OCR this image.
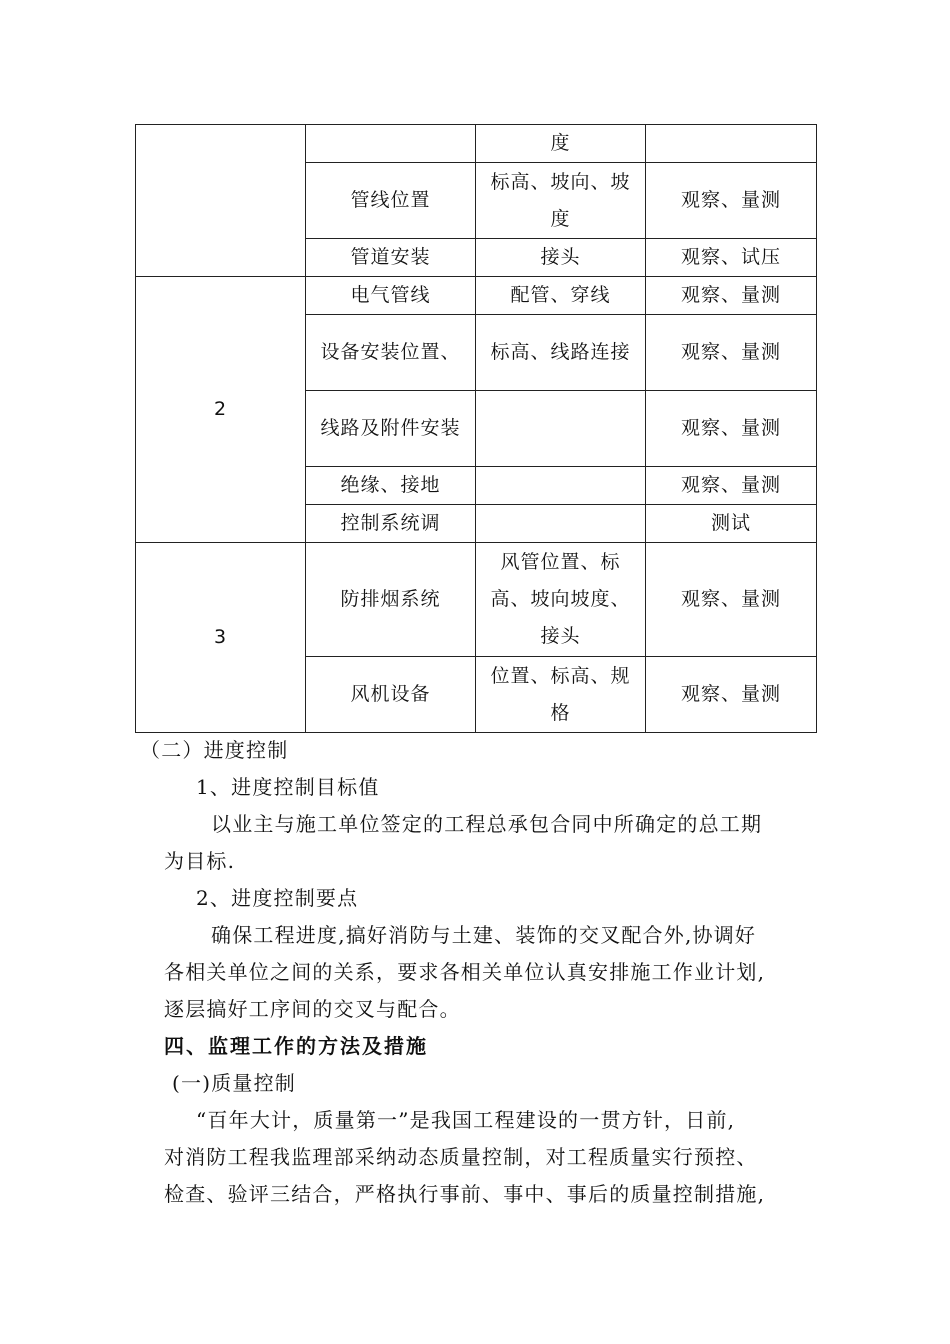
		度	
	管线位置	标高、坡向、坡度	观察、量测
	管道安装	接头	观察、试压
2	电气管线	配管、穿线	观察、量测
	设备安装位置、	标高、线路连接	观察、量测
	线路及附件安装		观察、量测
	绝缘、接地		观察、量测
	控制系统调		测试
3	防排烟系统	风管位置、标高、坡向坡度、接头	观察、量测
	风机设备	位置、标高、规格	观察、量测
（二）进度控制
1、进度控制目标值
以业主与施工单位签定的工程总承包合同中所确定的总工期
为目标.
2、进度控制要点
确保工程进度,搞好消防与土建、装饰的交叉配合外,协调好
各相关单位之间的关系，要求各相关单位认真安排施工作业计划,
逐层搞好工序间的交叉与配合。
四、监理工作的方法及措施
(一)质量控制
“百年大计，质量第一”是我国工程建设的一贯方针，日前,
对消防工程我监理部采纳动态质量控制，对工程质量实行预控、
检查、验评三结合，严格执行事前、事中、事后的质量控制措施,
